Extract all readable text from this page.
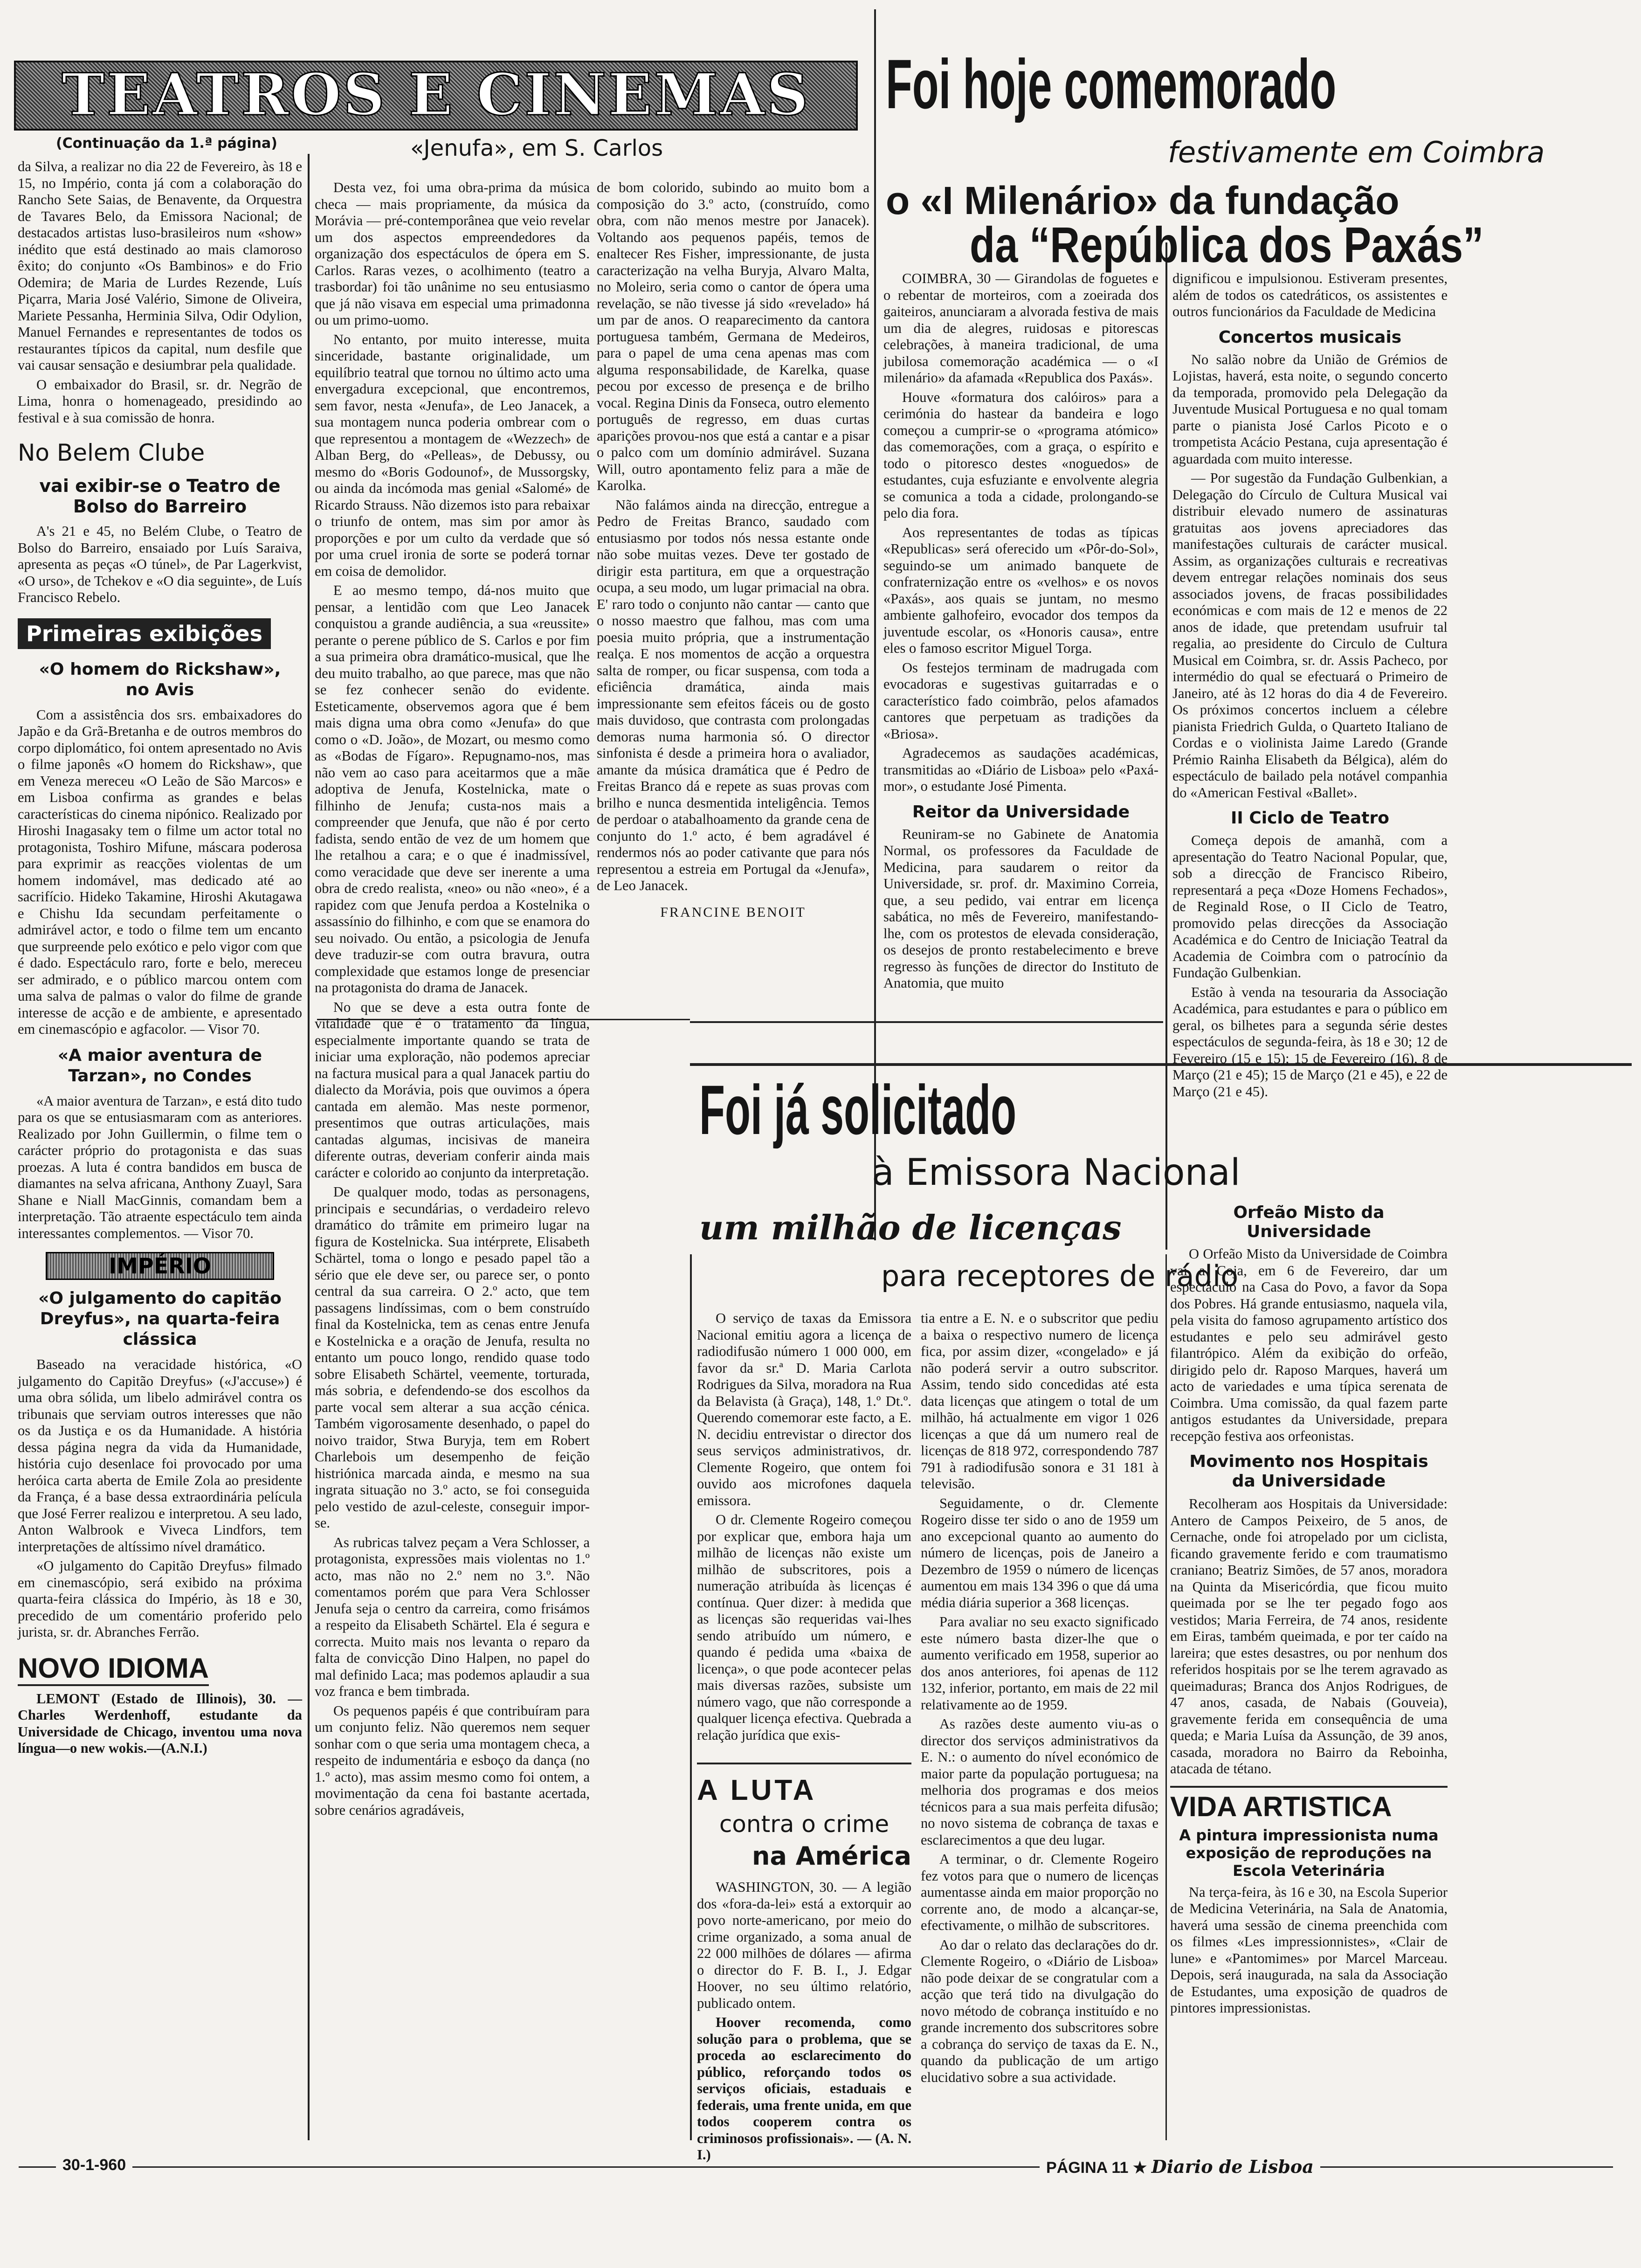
TEATROS E CINEMAS
(Continuação da 1.ª página)

da Silva, a realizar no dia 22 de Fevereiro, às 18 e 15, no Império, conta já com a colaboração do Rancho Sete Saias, de Benavente, da Orquestra de Tavares Belo, da Emissora Nacional; de destacados artistas luso-brasileiros num «show» inédito que está destinado ao mais clamoroso êxito; do conjunto «Os Bambinos» e do Frio Odemira; de Maria de Lurdes Rezende, Luís Piçarra, Maria José Valério, Simone de Oliveira, Mariete Pessanha, Herminia Silva, Odir Odylion, Manuel Fernandes e representantes de todos os restaurantes típicos da capital, num desfile que vai causar sensação e desiumbrar pela qualidade.

O embaixador do Brasil, sr. dr. Negrão de Lima, honra o homenageado, presidindo ao festival e à sua comissão de honra.

No Belem Clube
vai exibir-se o Teatro de Bolso do Barreiro

A's 21 e 45, no Belém Clube, o Teatro de Bolso do Barreiro, ensaiado por Luís Saraiva, apresenta as peças «O túnel», de Par Lagerkvist, «O urso», de Tchekov e «O dia seguinte», de Luís Francisco Rebelo.

Primeiras exibições
«O homem do Rickshaw», no Avis

Com a assistência dos srs. embaixadores do Japão e da Grã-Bretanha e de outros membros do corpo diplomático, foi ontem apresentado no Avis o filme japonês «O homem do Rickshaw», que em Veneza mereceu «O Leão de São Marcos» e em Lisboa confirma as grandes e belas características do cinema nipónico. Realizado por Hiroshi Inagasaky tem o filme um actor total no protagonista, Toshiro Mifune, máscara poderosa para exprimir as reacções violentas de um homem indomável, mas dedicado até ao sacrifício. Hideko Takamine, Hiroshi Akutagawa e Chishu Ida secundam perfeitamente o admirável actor, e todo o filme tem um encanto que surpreende pelo exótico e pelo vigor com que é dado. Espectáculo raro, forte e belo, mereceu ser admirado, e o público marcou ontem com uma salva de palmas o valor do filme de grande interesse de acção e de ambiente, e apresentado em cinemascópio e agfacolor. — Visor 70.

«A maior aventura de Tarzan», no Condes

«A maior aventura de Tarzan», e está dito tudo para os que se entusiasmaram com as anteriores. Realizado por John Guillermin, o filme tem o carácter próprio do protagonista e das suas proezas. A luta é contra bandidos em busca de diamantes na selva africana, Anthony Zuayl, Sara Shane e Niall MacGinnis, comandam bem a interpretação. Tão atraente espectáculo tem ainda interessantes complementos. — Visor 70.

IMPÉRIO
«O julgamento do capitão Dreyfus», na quarta-feira clássica

Baseado na veracidade histórica, «O julgamento do Capitão Dreyfus» («J'accuse») é uma obra sólida, um libelo admirável contra os tribunais que serviam outros interesses que não os da Justiça e os da Humanidade. A história dessa página negra da vida da Humanidade, história cujo desenlace foi provocado por uma heróica carta aberta de Emile Zola ao presidente da França, é a base dessa extraordinária película que José Ferrer realizou e interpretou. A seu lado, Anton Walbrook e Viveca Lindfors, tem interpretações de altíssimo nível dramático.

«O julgamento do Capitão Dreyfus» filmado em cinemascópio, será exibido na próxima quarta-feira clássica do Império, às 18 e 30, precedido de um comentário proferido pelo jurista, sr. dr. Abranches Ferrão.

NOVO IDIOMA

LEMONT (Estado de Illinois), 30. — Charles Werdenhoff, estudante da Universidade de Chicago, inventou uma nova língua—o new wokis.—(A.N.I.)

«Jenufa», em S. Carlos

Desta vez, foi uma obra-prima da música checa — mais propriamente, da música da Morávia — pré-contemporânea que veio revelar um dos aspectos empreendedores da organização dos espectáculos de ópera em S. Carlos. Raras vezes, o acolhimento (teatro a trasbordar) foi tão unânime no seu entusiasmo que já não visava em especial uma primadonna ou um primo-uomo.

No entanto, por muito interesse, muita sinceridade, bastante originalidade, um equilíbrio teatral que tornou no último acto uma envergadura excepcional, que encontremos, sem favor, nesta «Jenufa», de Leo Janacek, a sua montagem nunca poderia ombrear com o que representou a montagem de «Wezzech» de Alban Berg, do «Pelleas», de Debussy, ou mesmo do «Boris Godounof», de Mussorgsky, ou ainda da incómoda mas genial «Salomé» de Ricardo Strauss. Não dizemos isto para rebaixar o triunfo de ontem, mas sim por amor às proporções e por um culto da verdade que só por uma cruel ironia de sorte se poderá tornar em coisa de demolidor.

E ao mesmo tempo, dá-nos muito que pensar, a lentidão com que Leo Janacek conquistou a grande audiência, a sua «reussite» perante o perene público de S. Carlos e por fim a sua primeira obra dramático-musical, que lhe deu muito trabalho, ao que parece, mas que não se fez conhecer senão do evidente. Esteticamente, observemos agora que é bem mais digna uma obra como «Jenufa» do que como o «D. João», de Mozart, ou mesmo como as «Bodas de Fígaro». Repugnamo-nos, mas não vem ao caso para aceitarmos que a mãe adoptiva de Jenufa, Kostelnicka, mate o filhinho de Jenufa; custa-nos mais a compreender que Jenufa, que não é por certo fadista, sendo então de vez de um homem que lhe retalhou a cara; e o que é inadmissível, como veracidade que deve ser inerente a uma obra de credo realista, «neo» ou não «neo», é a rapidez com que Jenufa perdoa a Kostelnika o assassínio do filhinho, e com que se enamora do seu noivado. Ou então, a psicologia de Jenufa deve traduzir-se com outra bravura, outra complexidade que estamos longe de presenciar na protagonista do drama de Janacek.

No que se deve a esta outra fonte de vitalidade que é o tratamento da língua, especialmente importante quando se trata de iniciar uma exploração, não podemos apreciar na factura musical para a qual Janacek partiu do dialecto da Morávia, pois que ouvimos a ópera cantada em alemão. Mas neste pormenor, presentimos que outras articulações, mais cantadas algumas, incisivas de maneira diferente outras, deveriam conferir ainda mais carácter e colorido ao conjunto da interpretação.

De qualquer modo, todas as personagens, principais e secundárias, o verdadeiro relevo dramático do trâmite em primeiro lugar na figura de Kostelnicka. Sua intérprete, Elisabeth Schärtel, toma o longo e pesado papel tão a sério que ele deve ser, ou parece ser, o ponto central da sua carreira. O 2.º acto, que tem passagens lindíssimas, com o bem construído final da Kostelnicka, tem as cenas entre Jenufa e Kostelnicka e a oração de Jenufa, resulta no entanto um pouco longo, rendido quase todo sobre Elisabeth Schärtel, veemente, torturada, más sobria, e defendendo-se dos escolhos da parte vocal sem alterar a sua acção cénica. Também vigorosamente desenhado, o papel do noivo traidor, Stwa Buryja, tem em Robert Charlebois um desempenho de feição histriónica marcada ainda, e mesmo na sua ingrata situação no 3.º acto, se foi conseguida pelo vestido de azul-celeste, conseguir impor-se.

As rubricas talvez peçam a Vera Schlosser, a protagonista, expressões mais violentas no 1.º acto, mas não no 2.º nem no 3.º. Não comentamos porém que para Vera Schlosser Jenufa seja o centro da carreira, como frisámos a respeito da Elisabeth Schärtel. Ela é segura e correcta. Muito mais nos levanta o reparo da falta de convicção Dino Halpen, no papel do mal definido Laca; mas podemos aplaudir a sua voz franca e bem timbrada.

Os pequenos papéis é que contribuíram para um conjunto feliz. Não queremos nem sequer sonhar com o que seria uma montagem checa, a respeito de indumentária e esboço da dança (no 1.º acto), mas assim mesmo como foi ontem, a movimentação da cena foi bastante acertada, sobre cenários agradáveis,

de bom colorido, subindo ao muito bom a composição do 3.º acto, (construído, como obra, com não menos mestre por Janacek). Voltando aos pequenos papéis, temos de enaltecer Res Fisher, impressionante, de justa caracterização na velha Buryja, Alvaro Malta, no Moleiro, seria como o cantor de ópera uma revelação, se não tivesse já sido «revelado» há um par de anos. O reaparecimento da cantora portuguesa também, Germana de Medeiros, para o papel de uma cena apenas mas com alguma responsabilidade, de Karelka, quase pecou por excesso de presença e de brilho vocal. Regina Dinis da Fonseca, outro elemento português de regresso, em duas curtas aparições provou-nos que está a cantar e a pisar o palco com um domínio admirável. Suzana Will, outro apontamento feliz para a mãe de Karolka.

Não falámos ainda na direcção, entregue a Pedro de Freitas Branco, saudado com entusiasmo por todos nós nessa estante onde não sobe muitas vezes. Deve ter gostado de dirigir esta partitura, em que a orquestração ocupa, a seu modo, um lugar primacial na obra. E' raro todo o conjunto não cantar — canto que o nosso maestro que falhou, mas com uma poesia muito própria, que a instrumentação realça. E nos momentos de acção a orquestra salta de romper, ou ficar suspensa, com toda a eficiência dramática, ainda mais impressionante sem efeitos fáceis ou de gosto mais duvidoso, que contrasta com prolongadas demoras numa harmonia só. O director sinfonista é desde a primeira hora o avaliador, amante da música dramática que é Pedro de Freitas Branco dá e repete as suas provas com brilho e nunca desmentida inteligência. Temos de perdoar o atabalhoamento da grande cena de conjunto do 1.º acto, é bem agradável é rendermos nós ao poder cativante que para nós representou a estreia em Portugal da «Jenufa», de Leo Janacek.

FRANCINE BENOIT
Foi hoje comemorado
festivamente em Coimbra
o «I Milenário» da fundação
da “República dos Paxás”

COIMBRA, 30 — Girandolas de foguetes e o rebentar de morteiros, com a zoeirada dos gaiteiros, anunciaram a alvorada festiva de mais um dia de alegres, ruidosas e pitorescas celebrações, à maneira tradicional, de uma jubilosa comemoração académica — o «I milenário» da afamada «Republica dos Paxás».

Houve «formatura dos calóiros» para a cerimónia do hastear da bandeira e logo começou a cumprir-se o «programa atómico» das comemorações, com a graça, o espírito e todo o pitoresco destes «noguedos» de estudantes, cuja esfuziante e envolvente alegria se comunica a toda a cidade, prolongando-se pelo dia fora.

Aos representantes de todas as típicas «Republicas» será oferecido um «Pôr-do-Sol», seguindo-se um animado banquete de confraternização entre os «velhos» e os novos «Paxás», aos quais se juntam, no mesmo ambiente galhofeiro, evocador dos tempos da juventude escolar, os «Honoris causa», entre eles o famoso escritor Miguel Torga.

Os festejos terminam de madrugada com evocadoras e sugestivas guitarradas e o característico fado coimbrão, pelos afamados cantores que perpetuam as tradições da «Briosa».

Agradecemos as saudações académicas, transmitidas ao «Diário de Lisboa» pelo «Paxá-mor», o estudante José Pimenta.

Reitor da Universidade

Reuniram-se no Gabinete de Anatomia Normal, os professores da Faculdade de Medicina, para saudarem o reitor da Universidade, sr. prof. dr. Maximino Correia, que, a seu pedido, vai entrar em licença sabática, no mês de Fevereiro, manifestando-lhe, com os protestos de elevada consideração, os desejos de pronto restabelecimento e breve regresso às funções de director do Instituto de Anatomia, que muito

dignificou e impulsionou. Estiveram presentes, além de todos os catedráticos, os assistentes e outros funcionários da Faculdade de Medicina

Concertos musicais

No salão nobre da União de Grémios de Lojistas, haverá, esta noite, o segundo concerto da temporada, promovido pela Delegação da Juventude Musical Portuguesa e no qual tomam parte o pianista José Carlos Picoto e o trompetista Acácio Pestana, cuja apresentação é aguardada com muito interesse.

— Por sugestão da Fundação Gulbenkian, a Delegação do Círculo de Cultura Musical vai distribuir elevado numero de assinaturas gratuitas aos jovens apreciadores das manifestações culturais de carácter musical. Assim, as organizações culturais e recreativas devem entregar relações nominais dos seus associados jovens, de fracas possibilidades económicas e com mais de 12 e menos de 22 anos de idade, que pretendam usufruir tal regalia, ao presidente do Circulo de Cultura Musical em Coimbra, sr. dr. Assis Pacheco, por intermédio do qual se efectuará o Primeiro de Janeiro, até às 12 horas do dia 4 de Fevereiro. Os próximos concertos incluem a célebre pianista Friedrich Gulda, o Quarteto Italiano de Cordas e o violinista Jaime Laredo (Grande Prémio Rainha Elisabeth da Bélgica), além do espectáculo de bailado pela notável companhia do «American Festival «Ballet».

II Ciclo de Teatro

Começa depois de amanhã, com a apresentação do Teatro Nacional Popular, que, sob a direcção de Francisco Ribeiro, representará a peça «Doze Homens Fechados», de Reginald Rose, o II Ciclo de Teatro, promovido pelas direcções da Associação Académica e do Centro de Iniciação Teatral da Academia de Coimbra com o patrocínio da Fundação Gulbenkian.

Estão à venda na tesouraria da Associação Académica, para estudantes e para o público em geral, os bilhetes para a segunda série destes espectáculos de segunda-feira, às 18 e 30; 12 de Fevereiro (15 e 15); 15 de Fevereiro (16), 8 de Março (21 e 45); 15 de Março (21 e 45), e 22 de Março (21 e 45).

Orfeão Misto da Universidade

O Orfeão Misto da Universidade de Coimbra vai a Coja, em 6 de Fevereiro, dar um espectáculo na Casa do Povo, a favor da Sopa dos Pobres. Há grande entusiasmo, naquela vila, pela visita do famoso agrupamento artístico dos estudantes e pelo seu admirável gesto filantrópico. Além da exibição do orfeão, dirigido pelo dr. Raposo Marques, haverá um acto de variedades e uma típica serenata de Coimbra. Uma comissão, da qual fazem parte antigos estudantes da Universidade, prepara recepção festiva aos orfeonistas.

Movimento nos Hospitais da Universidade

Recolheram aos Hospitais da Universidade: Antero de Campos Peixeiro, de 5 anos, de Cernache, onde foi atropelado por um ciclista, ficando gravemente ferido e com traumatismo craniano; Beatriz Simões, de 57 anos, moradora na Quinta da Misericórdia, que ficou muito queimada por se lhe ter pegado fogo aos vestidos; Maria Ferreira, de 74 anos, residente em Eiras, também queimada, e por ter caído na lareira; que estes desastres, ou por nenhum dos referidos hospitais por se lhe terem agravado as queimaduras; Branca dos Anjos Rodrigues, de 47 anos, casada, de Nabais (Gouveia), gravemente ferida em consequência de uma queda; e Maria Luísa da Assunção, de 39 anos, casada, moradora no Bairro da Reboinha, atacada de tétano.

VIDA ARTISTICA
A pintura impressionista numa exposição de reproduções na Escola Veterinária

Na terça-feira, às 16 e 30, na Escola Superior de Medicina Veterinária, na Sala de Anatomia, haverá uma sessão de cinema preenchida com os filmes «Les impressionnistes», «Clair de lune» e «Pantomimes» por Marcel Marceau. Depois, será inaugurada, na sala da Associação de Estudantes, uma exposição de quadros de pintores impressionistas.

Foi já solicitado
à Emissora Nacional
um milhão de licenças
para receptores de rádio

O serviço de taxas da Emissora Nacional emitiu agora a licença de radiodifusão número 1 000 000, em favor da sr.ª D. Maria Carlota Rodrigues da Silva, moradora na Rua da Belavista (à Graça), 148, 1.º Dt.º. Querendo comemorar este facto, a E. N. decidiu entrevistar o director dos seus serviços administrativos, dr. Clemente Rogeiro, que ontem foi ouvido aos microfones daquela emissora.

O dr. Clemente Rogeiro começou por explicar que, embora haja um milhão de licenças não existe um milhão de subscritores, pois a numeração atribuída às licenças é contínua. Quer dizer: à medida que as licenças são requeridas vai-lhes sendo atribuído um número, e quando é pedida uma «baixa de licença», o que pode acontecer pelas mais diversas razões, subsiste um número vago, que não corresponde a qualquer licença efectiva. Quebrada a relação jurídica que exis-

tia entre a E. N. e o subscritor que pediu a baixa o respectivo numero de licença fica, por assim dizer, «congelado» e já não poderá servir a outro subscritor. Assim, tendo sido concedidas até esta data licenças que atingem o total de um milhão, há actualmente em vigor 1 026 licenças a que dá um numero real de licenças de 818 972, correspondendo 787 791 à radiodifusão sonora e 31 181 à televisão.

Seguidamente, o dr. Clemente Rogeiro disse ter sido o ano de 1959 um ano excepcional quanto ao aumento do número de licenças, pois de Janeiro a Dezembro de 1959 o número de licenças aumentou em mais 134 396 o que dá uma média diária superior a 368 licenças.

Para avaliar no seu exacto significado este número basta dizer-lhe que o aumento verificado em 1958, superior ao dos anos anteriores, foi apenas de 112 132, inferior, portanto, em mais de 22 mil relativamente ao de 1959.

As razões deste aumento viu-as o director dos serviços administrativos da E. N.: o aumento do nível económico de maior parte da população portuguesa; na melhoria dos programas e dos meios técnicos para a sua mais perfeita difusão; no novo sistema de cobrança de taxas e esclarecimentos a que deu lugar.

A terminar, o dr. Clemente Rogeiro fez votos para que o numero de licenças aumentasse ainda em maior proporção no corrente ano, de modo a alcançar-se, efectivamente, o milhão de subscritores.

Ao dar o relato das declarações do dr. Clemente Rogeiro, o «Diário de Lisboa» não pode deixar de se congratular com a acção que terá tido na divulgação do novo método de cobrança instituído e no grande incremento dos subscritores sobre a cobrança do serviço de taxas da E. N., quando da publicação de um artigo elucidativo sobre a sua actividade.

A LUTA
contra o crime
na América

WASHINGTON, 30. — A legião dos «fora-da-lei» está a extorquir ao povo norte-americano, por meio do crime organizado, a soma anual de 22 000 milhões de dólares — afirma o director do F. B. I., J. Edgar Hoover, no seu último relatório, publicado ontem.

Hoover recomenda, como solução para o problema, que se proceda ao esclarecimento do público, reforçando todos os serviços oficiais, estaduais e federais, uma frente unida, em que todos cooperem contra os criminosos profissionais». — (A. N. I.)

30-1-960	PÁGINA 11 ★ Diario de Lisboa
